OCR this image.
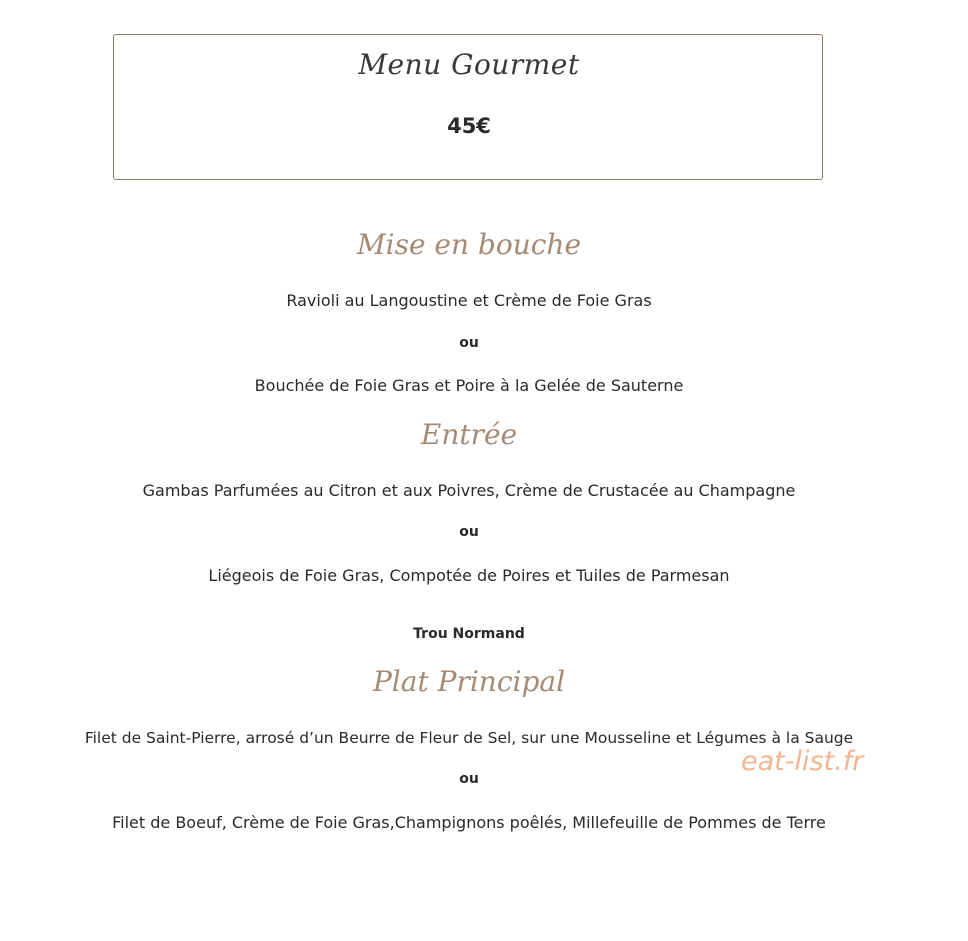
Menu Gourmet
45€
Mise en bouche
Ravioli au Langoustine et Crème de Foie Gras
ou
Bouchée de Foie Gras et Poire à la Gelée de Sauterne
Entrée
Gambas Parfumées au Citron et aux Poivres, Crème de Crustacée au Champagne
ou
Liégeois de Foie Gras, Compotée de Poires et Tuiles de Parmesan
Trou Normand
Plat Principal
Filet de Saint-Pierre, arrosé d’un Beurre de Fleur de Sel, sur une Mousseline et Légumes à la Sauge
ou
Filet de Boeuf, Crème de Foie Gras,Champignons poêlés, Millefeuille de Pommes de Terre
eat-list.fr
